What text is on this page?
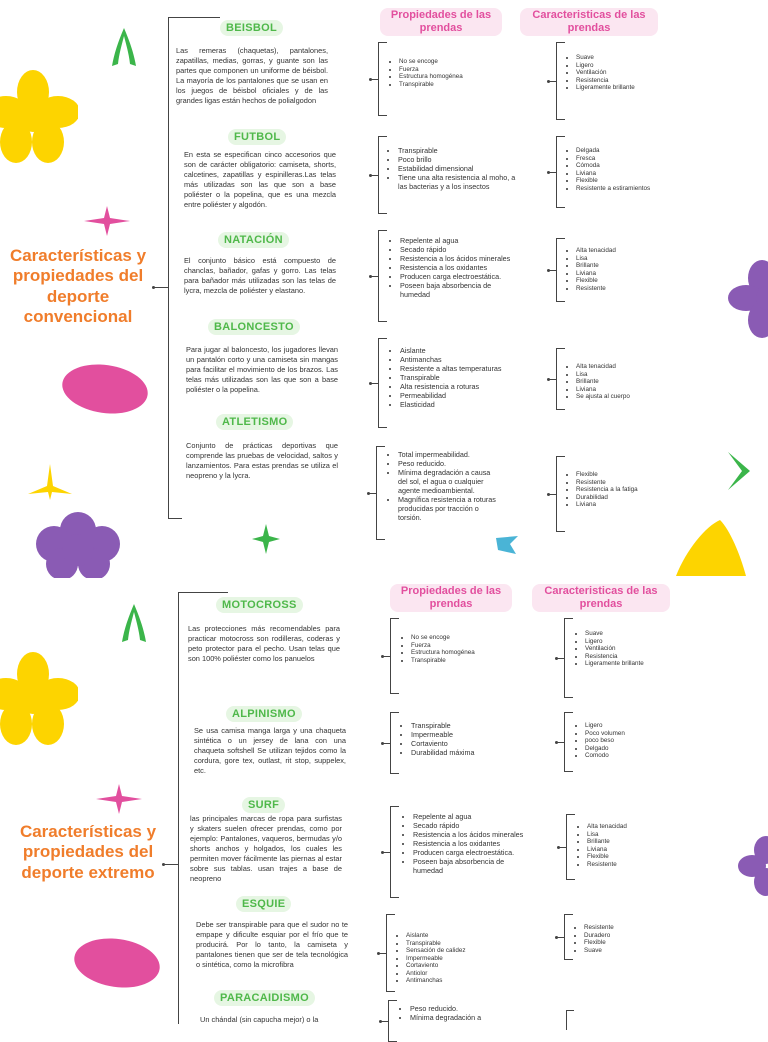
Características y propiedades del deporte convencional
Propiedades de las prendas
Caracteristicas de las prendas
BEISBOL
Las remeras (chaquetas), pantalones, zapatillas, medias, gorras, y guante son las partes que componen un uniforme de béisbol. La mayoría de los pantalones que se usan en los juegos de béisbol oficiales y de las grandes ligas están hechos de polialgodon
• No se encoge
• Fuerza
• Estructura homogénea
• Transpirable
• Suave
• Ligero
• Ventilación
• Resistencia
• Ligeramente brillante
FUTBOL
En esta se especifican cinco accesorios que son de carácter obligatorio: camiseta, shorts, calcetines, zapatillas y espinilleras.Las telas más utilizadas son las que son a base poliéster o la popelina, que es una mezcla entre poliéster y algodón.
• Transpirable
• Poco brillo
• Estabilidad dimensional
• Tiene una alta resistencia al moho, a las bacterias y a los insectos
• Delgada
• Fresca
• Cómoda
• Liviana
• Flexible
• Resistente a estiramientos
NATACIÓN
El conjunto básico está compuesto de chanclas, bañador, gafas y gorro. Las telas para bañador más utilizadas son las telas de lycra, mezcla de poliéster y elastano.
• Repelente al agua
• Secado rápido
• Resistencia a los ácidos minerales
• Resistencia a los oxidantes
• Producen carga electroestática.
• Poseen baja absorbencia de humedad
• Alta tenacidad
• Lisa
• Brillante
• Liviana
• Flexible
• Resistente
BALONCESTO
Para jugar al baloncesto, los jugadores llevan un pantalón corto y una camiseta sin mangas para facilitar el movimiento de los brazos. Las telas más utilizadas son las que son a base poliéster o la popelina.
• Aislante
• Antimanchas
• Resistente a altas temperaturas
• Transpirable
• Alta resistencia a roturas
• Permeabilidad
• Elasticidad
• Alta tenacidad
• Lisa
• Brillante
• Liviana
• Se ajusta al cuerpo
ATLETISMO
Conjunto de prácticas deportivas que comprende las pruebas de velocidad, saltos y lanzamientos. Para estas prendas se utiliza el neopreno y la lycra.
• Total impermeabilidad.
• Peso reducido.
• Mínima degradación a causa del sol, el agua o cualquier agente medioambiental.
• Magnífica resistencia a roturas producidas por tracción o torsión.
• Flexible
• Resistente
• Resistencia a la fatiga
• Durabilidad
• Liviana
Características y propiedades del deporte extremo
Propiedades de las prendas
Caracteristicas de las prendas
MOTOCROSS
Las protecciones más recomendables para practicar motocross son rodilleras, coderas y peto protector para el pecho. Usan telas que son 100% poliéster como los panuelos
• No se encoge
• Fuerza
• Estructura homogénea
• Transpirable
• Suave
• Ligero
• Ventilación
• Resistencia
• Ligeramente brillante
ALPINISMO
Se usa camisa manga larga y una chaqueta sintética o un jersey de lana con una chaqueta softshell Se utilizan tejidos como la cordura, gore tex, outlast, rit stop, suppelex, etc.
• Transpirable
• Impermeable
• Cortaviento
• Durabilidad máxima
• Ligero
• Poco volumen
• poco beso
• Delgado
• Comodo
SURF
las principales marcas de ropa para surfistas y skaters suelen ofrecer prendas, como por ejemplo: Pantalones, vaqueros, bermudas y/o shorts anchos y holgados, los cuales les permiten mover fácilmente las piernas al estar sobre sus tablas. usan trajes a base de neopreno
• Repelente al agua
• Secado rápido
• Resistencia a los ácidos minerales
• Resistencia a los oxidantes
• Producen carga electroestática.
• Poseen baja absorbencia de humedad
• Alta tenacidad
• Lisa
• Brillante
• Liviana
• Flexible
• Resistente
ESQUIE
Debe ser transpirable para que el sudor no te empape y dificulte esquiar por el frío que te producirá. Por lo tanto, la camiseta y pantalones tienen que ser de tela tecnológica o sintética, como la microfibra
• Aislante
• Transpirable
• Sensación de calidez
• Impermeable
• Cortaviento
• Antiolor
• Antimanchas
• Resistente
• Duradero
• Flexible
• Suave
PARACAIDISMO
Un chándal (sin capucha mejor) o la
• Peso reducido.
• Mínima degradación a
